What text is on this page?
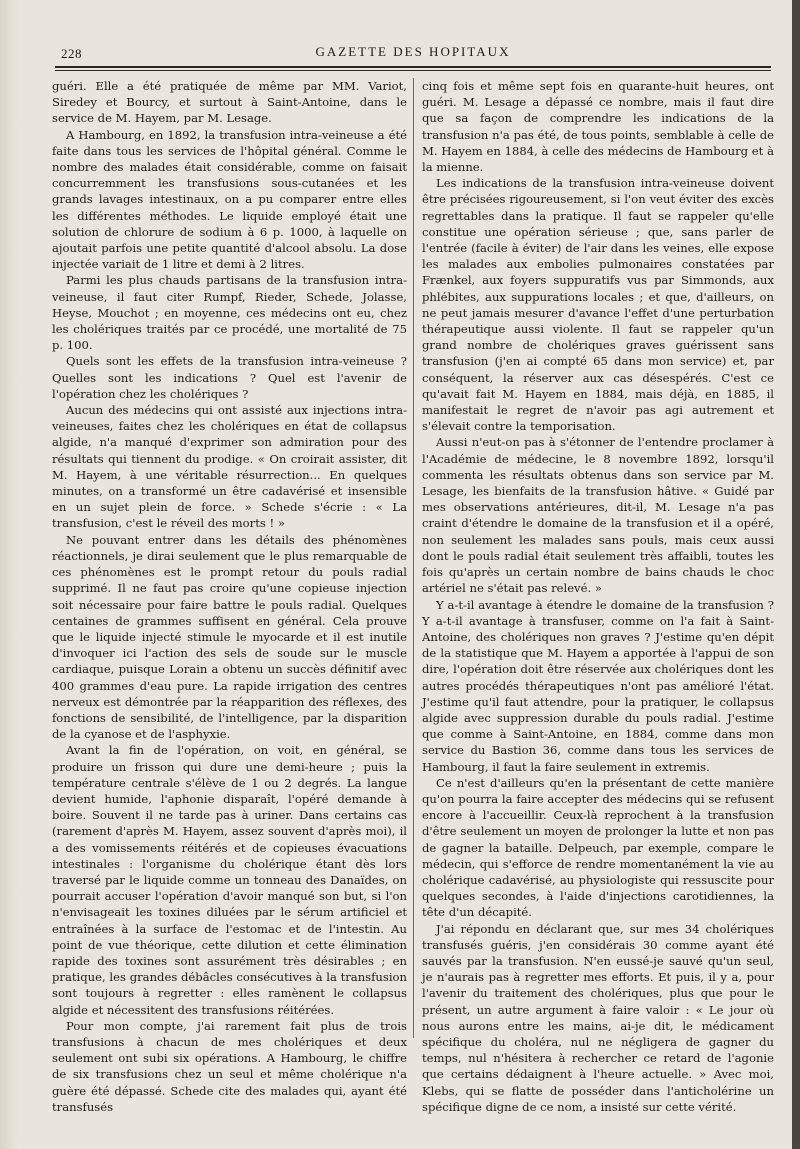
228	GAZETTE DES HOPITAUX

guéri. Elle a été pratiquée de même par MM. Variot, Siredey et Bourcy, et surtout à Saint-Antoine, dans le service de M. Hayem, par M. Lesage.

A Hambourg, en 1892, la transfusion intra-veineuse a été faite dans tous les services de l'hôpital général. Comme le nombre des malades était considérable, comme on faisait concurremment les transfusions sous-cutanées et les grands lavages intestinaux, on a pu comparer entre elles les différentes méthodes. Le liquide employé était une solution de chlorure de sodium à 6 p. 1000, à laquelle on ajoutait parfois une petite quantité d'alcool absolu. La dose injectée variait de 1 litre et demi à 2 litres.

Parmi les plus chauds partisans de la transfusion intra-veineuse, il faut citer Rumpf, Rieder, Schede, Jolasse, Heyse, Mouchot ; en moyenne, ces médecins ont eu, chez les cholériques traités par ce procédé, une mortalité de 75 p. 100.

Quels sont les effets de la transfusion intra-veineuse ? Quelles sont les indications ? Quel est l'avenir de l'opération chez les cholériques ?

Aucun des médecins qui ont assisté aux injections intra-veineuses, faites chez les cholériques en état de collapsus algide, n'a manqué d'exprimer son admiration pour des résultats qui tiennent du prodige. « On croirait assister, dit M. Hayem, à une véritable résurrection... En quelques minutes, on a transformé un être cadavérisé et insensible en un sujet plein de force. » Schede s'écrie : « La transfusion, c'est le réveil des morts ! »

Ne pouvant entrer dans les détails des phénomènes réactionnels, je dirai seulement que le plus remarquable de ces phénomènes est le prompt retour du pouls radial supprimé. Il ne faut pas croire qu'une copieuse injection soit nécessaire pour faire battre le pouls radial. Quelques centaines de grammes suffisent en général. Cela prouve que le liquide injecté stimule le myocarde et il est inutile d'invoquer ici l'action des sels de soude sur le muscle cardiaque, puisque Lorain a obtenu un succès définitif avec 400 grammes d'eau pure. La rapide irrigation des centres nerveux est démontrée par la réapparition des réflexes, des fonctions de sensibilité, de l'intelligence, par la disparition de la cyanose et de l'asphyxie.

Avant la fin de l'opération, on voit, en général, se produire un frisson qui dure une demi-heure ; puis la température centrale s'élève de 1 ou 2 degrés. La langue devient humide, l'aphonie disparaît, l'opéré demande à boire. Souvent il ne tarde pas à uriner. Dans certains cas (rarement d'après M. Hayem, assez souvent d'après moi), il a des vomissements réitérés et de copieuses évacuations intestinales : l'organisme du cholérique étant dès lors traversé par le liquide comme un tonneau des Danaïdes, on pourrait accuser l'opération d'avoir manqué son but, si l'on n'envisageait les toxines diluées par le sérum artificiel et entraînées à la surface de l'estomac et de l'intestin. Au point de vue théorique, cette dilution et cette élimination rapide des toxines sont assurément très désirables ; en pratique, les grandes débâcles consécutives à la transfusion sont toujours à regretter : elles ramènent le collapsus algide et nécessitent des transfusions réitérées.

Pour mon compte, j'ai rarement fait plus de trois transfusions à chacun de mes cholériques et deux seulement ont subi six opérations. A Hambourg, le chiffre de six transfusions chez un seul et même cholérique n'a guère été dépassé. Schede cite des malades qui, ayant été transfusés

cinq fois et même sept fois en quarante-huit heures, ont guéri. M. Lesage a dépassé ce nombre, mais il faut dire que sa façon de comprendre les indications de la transfusion n'a pas été, de tous points, semblable à celle de M. Hayem en 1884, à celle des médecins de Hambourg et à la mienne.

Les indications de la transfusion intra-veineuse doivent être précisées rigoureusement, si l'on veut éviter des excès regrettables dans la pratique. Il faut se rappeler qu'elle constitue une opération sérieuse ; que, sans parler de l'entrée (facile à éviter) de l'air dans les veines, elle expose les malades aux embolies pulmonaires constatées par Frænkel, aux foyers suppuratifs vus par Simmonds, aux phlébites, aux suppurations locales ; et que, d'ailleurs, on ne peut jamais mesurer d'avance l'effet d'une perturbation thérapeutique aussi violente. Il faut se rappeler qu'un grand nombre de cholériques graves guérissent sans transfusion (j'en ai compté 65 dans mon service) et, par conséquent, la réserver aux cas désespérés. C'est ce qu'avait fait M. Hayem en 1884, mais déjà, en 1885, il manifestait le regret de n'avoir pas agi autrement et s'élevait contre la temporisation.

Aussi n'eut-on pas à s'étonner de l'entendre proclamer à l'Académie de médecine, le 8 novembre 1892, lorsqu'il commenta les résultats obtenus dans son service par M. Lesage, les bienfaits de la transfusion hâtive. « Guidé par mes observations antérieures, dit-il, M. Lesage n'a pas craint d'étendre le domaine de la transfusion et il a opéré, non seulement les malades sans pouls, mais ceux aussi dont le pouls radial était seulement très affaibli, toutes les fois qu'après un certain nombre de bains chauds le choc artériel ne s'était pas relevé. »

Y a-t-il avantage à étendre le domaine de la transfusion ? Y a-t-il avantage à transfuser, comme on l'a fait à Saint-Antoine, des cholériques non graves ? J'estime qu'en dépit de la statistique que M. Hayem a apportée à l'appui de son dire, l'opération doit être réservée aux cholériques dont les autres procédés thérapeutiques n'ont pas amélioré l'état. J'estime qu'il faut attendre, pour la pratiquer, le collapsus algide avec suppression durable du pouls radial. J'estime que comme à Saint-Antoine, en 1884, comme dans mon service du Bastion 36, comme dans tous les services de Hambourg, il faut la faire seulement in extremis.

Ce n'est d'ailleurs qu'en la présentant de cette manière qu'on pourra la faire accepter des médecins qui se refusent encore à l'accueillir. Ceux-là reprochent à la transfusion d'être seulement un moyen de prolonger la lutte et non pas de gagner la bataille. Delpeuch, par exemple, compare le médecin, qui s'efforce de rendre momentanément la vie au cholérique cadavérisé, au physiologiste qui ressuscite pour quelques secondes, à l'aide d'injections carotidiennes, la tête d'un décapité.

J'ai répondu en déclarant que, sur mes 34 cholériques transfusés guéris, j'en considérais 30 comme ayant été sauvés par la transfusion. N'en eussé-je sauvé qu'un seul, je n'aurais pas à regretter mes efforts. Et puis, il y a, pour l'avenir du traitement des cholériques, plus que pour le présent, un autre argument à faire valoir : « Le jour où nous aurons entre les mains, ai-je dit, le médicament spécifique du choléra, nul ne négligera de gagner du temps, nul n'hésitera à rechercher ce retard de l'agonie que certains dédaignent à l'heure actuelle. » Avec moi, Klebs, qui se flatte de posséder dans l'anticholérine un spécifique digne de ce nom, a insisté sur cette vérité.
